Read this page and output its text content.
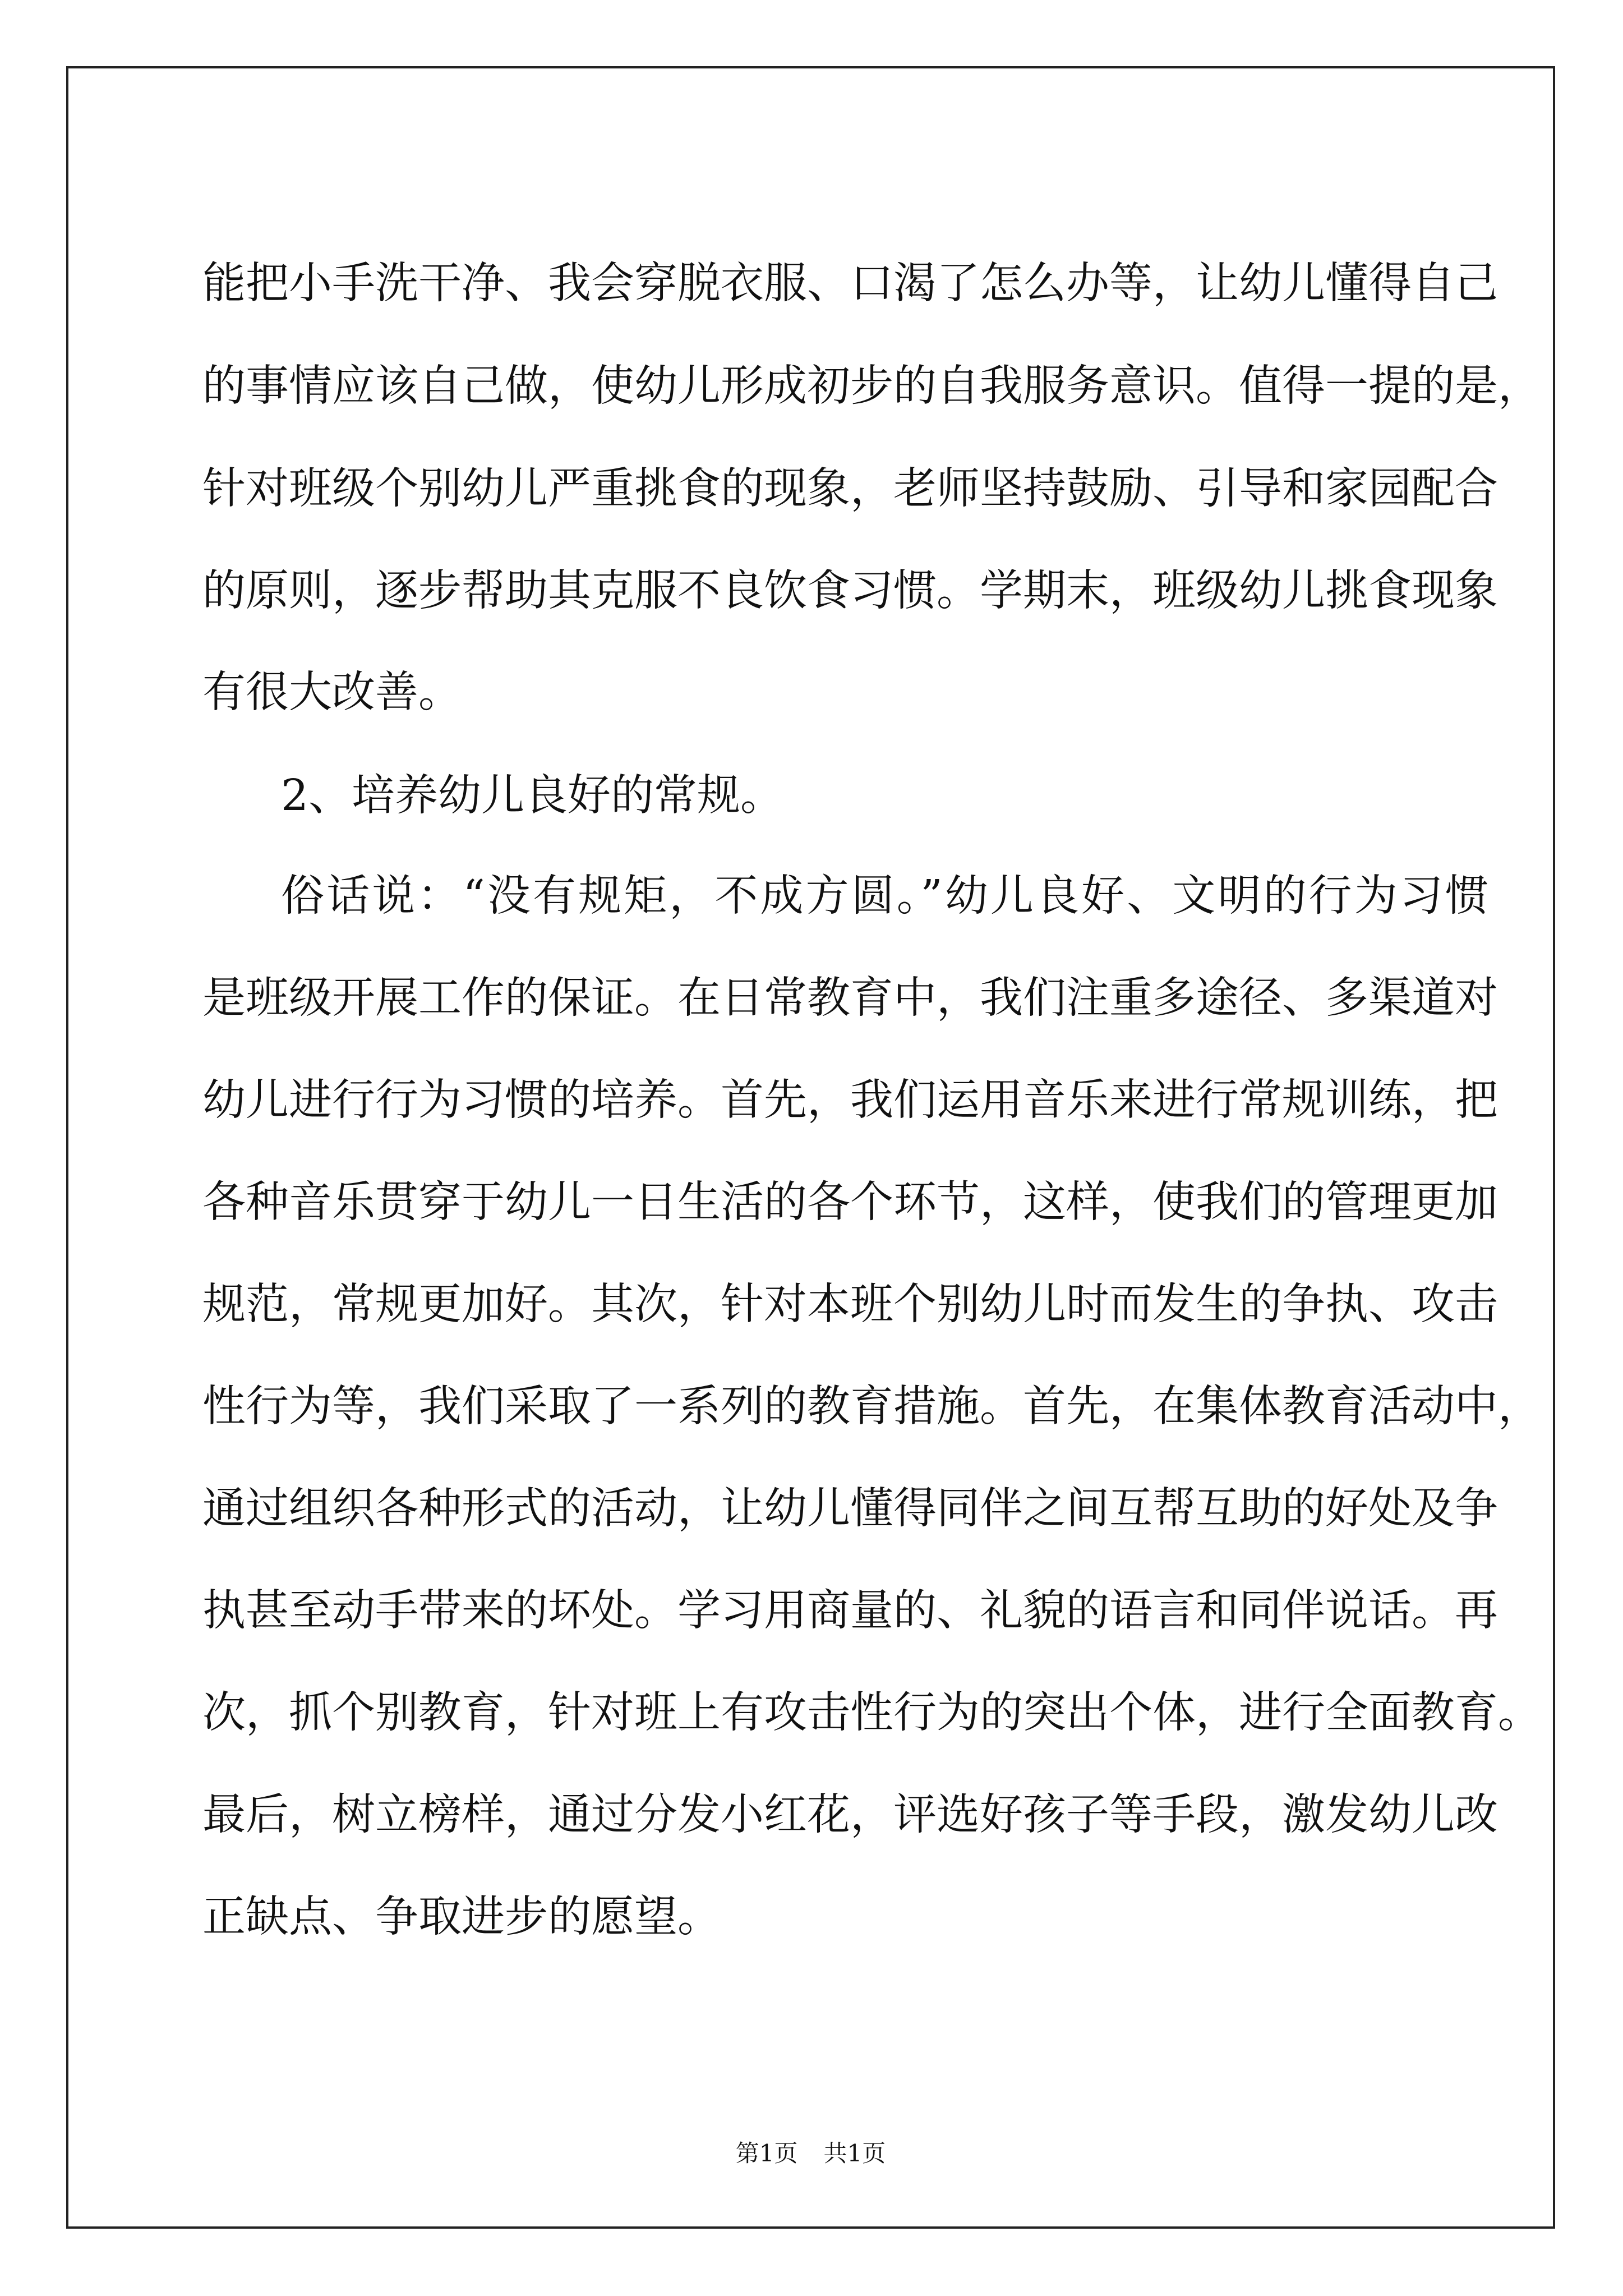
能把小手洗干净、我会穿脱衣服、口渴了怎么办等，让幼儿懂得自己
的事情应该自己做，使幼儿形成初步的自我服务意识。值得一提的是，
针对班级个别幼儿严重挑食的现象，老师坚持鼓励、引导和家园配合
的原则，逐步帮助其克服不良饮食习惯。学期末，班级幼儿挑食现象
有很大改善。
2、培养幼儿良好的常规。
俗话说：“没有规矩，不成方圆。”幼儿良好、文明的行为习惯
是班级开展工作的保证。在日常教育中，我们注重多途径、多渠道对
幼儿进行行为习惯的培养。首先，我们运用音乐来进行常规训练，把
各种音乐贯穿于幼儿一日生活的各个环节，这样，使我们的管理更加
规范，常规更加好。其次，针对本班个别幼儿时而发生的争执、攻击
性行为等，我们采取了一系列的教育措施。首先，在集体教育活动中，
通过组织各种形式的活动，让幼儿懂得同伴之间互帮互助的好处及争
执甚至动手带来的坏处。学习用商量的、礼貌的语言和同伴说话。再
次，抓个别教育，针对班上有攻击性行为的突出个体，进行全面教育。
最后，树立榜样，通过分发小红花，评选好孩子等手段，激发幼儿改
正缺点、争取进步的愿望。
第1页 共1页
